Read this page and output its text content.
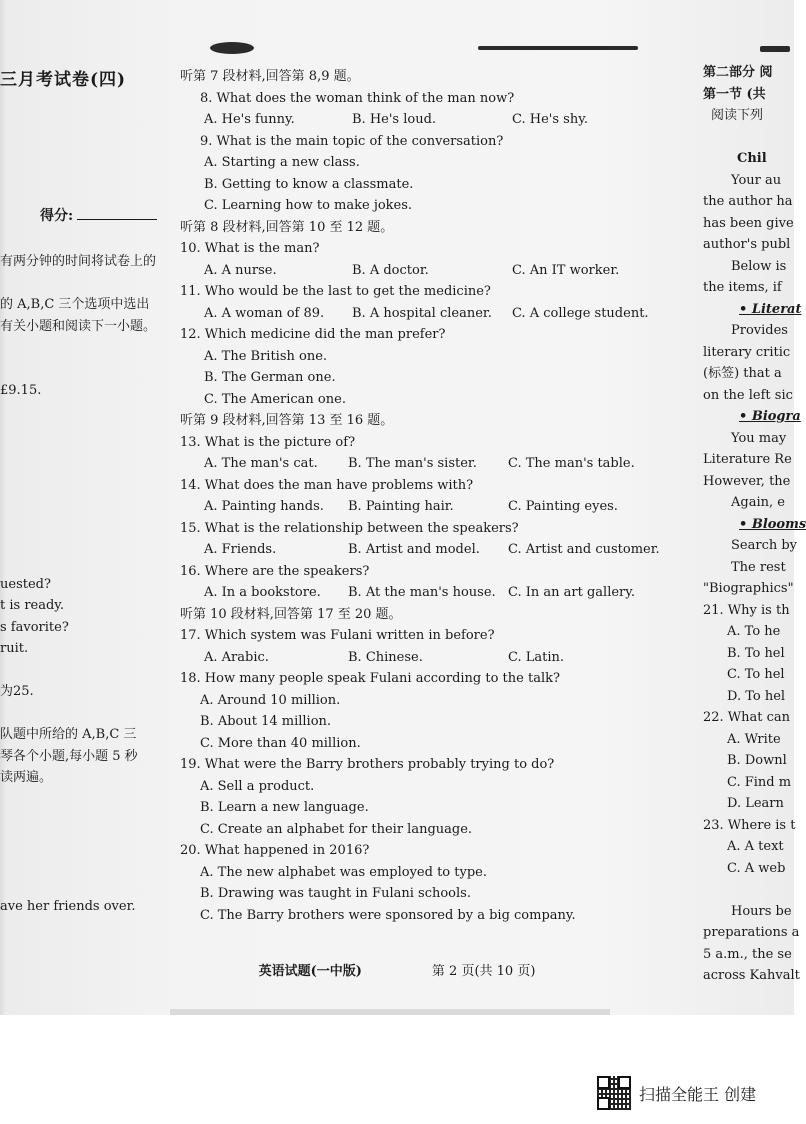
三月考试卷(四)

得分:

有两分钟的时间将试卷上的

的 A,B,C 三个选项中选出

有关小题和阅读下一小题。

£9.15.

uested?

t is ready.

s favorite?

ruit.

为25.

队题中所给的 A,B,C 三

琴各个小题,每小题 5 秒

读两遍。

ave her friends over.

听第 7 段材料,回答第 8,9 题。

8. What does the woman think of the man now?

A. He's funny.	B. He's loud.	C. He's shy.

9. What is the main topic of the conversation?

A. Starting a new class.

B. Getting to know a classmate.

C. Learning how to make jokes.

听第 8 段材料,回答第 10 至 12 题。

10. What is the man?

A. A nurse.	B. A doctor.	C. An IT worker.

11. Who would be the last to get the medicine?

A. A woman of 89. B. A hospital cleaner. C. A college student.

12. Which medicine did the man prefer?

A. The British one.

B. The German one.

C. The American one.

听第 9 段材料,回答第 13 至 16 题。

13. What is the picture of?

A. The man's cat. B. The man's sister. C. The man's table.

14. What does the man have problems with?

A. Painting hands. B. Painting hair.	C. Painting eyes.

15. What is the relationship between the speakers?

A. Friends.	B. Artist and model. C. Artist and customer.

16. Where are the speakers?

A. In a bookstore. B. At the man's house. C. In an art gallery.

听第 10 段材料,回答第 17 至 20 题。

17. Which system was Fulani written in before?

A. Arabic.	B. Chinese.	C. Latin.

18. How many people speak Fulani according to the talk?

A. Around 10 million.

B. About 14 million.

C. More than 40 million.

19. What were the Barry brothers probably trying to do?

A. Sell a product.

B. Learn a new language.

C. Create an alphabet for their language.

20. What happened in 2016?

A. The new alphabet was employed to type.

B. Drawing was taught in Fulani schools.

C. The Barry brothers were sponsored by a big company.

第二部分 阅

第一节 (共

阅读下列

Chil

Your au

the author ha

has been give

author's publ

Below is

the items, if

• Literat

Provides

literary critic

(标签) that a

on the left sic

• Biogra

You may

Literature Re

However, the

Again, e

• Blooms

Search by

The rest

"Biographics"

21. Why is th

A. To he

B. To hel

C. To hel

D. To hel

22. What can

A. Write

B. Downl

C. Find m

D. Learn

23. Where is t

A. A text

C. A web

Hours be

preparations a

5 a.m., the se

across Kahvalt

英语试题(一中版)	第 2 页(共 10 页)
扫描全能王 创建
